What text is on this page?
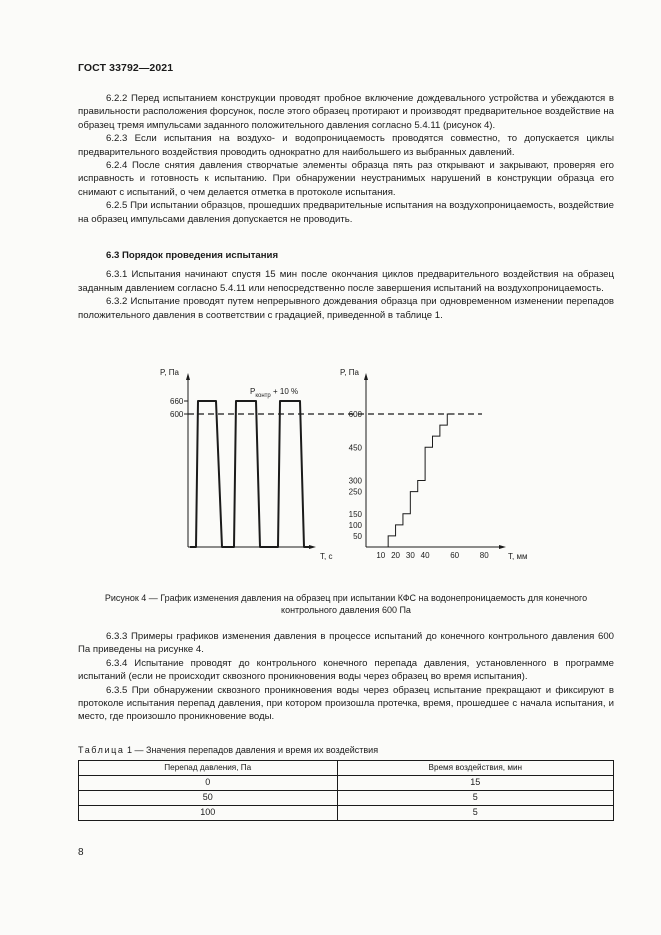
ГОСТ 33792—2021

6.2.2 Перед испытанием конструкции проводят пробное включение дождевального устройства и убеждаются в правильности расположения форсунок, после этого образец протирают и производят предварительное воздействие на образец тремя импульсами заданного положительного давления согласно 5.4.11 (рисунок 4).

6.2.3 Если испытания на воздухо- и водопроницаемость проводятся совместно, то допускается циклы предварительного воздействия проводить однократно для наибольшего из выбранных давлений.

6.2.4 После снятия давления створчатые элементы образца пять раз открывают и закрывают, проверяя его исправность и готовность к испытанию. При обнаружении неустранимых нарушений в конструкции образца его снимают с испытаний, о чем делается отметка в протоколе испытания.

6.2.5 При испытании образцов, прошедших предварительные испытания на воздухопроницаемость, воздействие на образец импульсами давления допускается не проводить.

6.3 Порядок проведения испытания

6.3.1 Испытания начинают спустя 15 мин после окончания циклов предварительного воздействия на образец заданным давлением согласно 5.4.11 или непосредственно после завершения испытаний на воздухопроницаемость.

6.3.2 Испытание проводят путем непрерывного дождевания образца при одновременном изменении перепадов положительного давления в соответствии с градацией, приведенной в таблице 1.

P, Па
T, с
660
600
$P_{контр} + 10$ %
P, Па
T, мм
600
450
300
250
150
100
50
10 20 30 40	60	80
Рисунок 4 — График изменения давления на образец при испытании КФС на водонепроницаемость для конечного контрольного давления 600 Па

6.3.3 Примеры графиков изменения давления в процессе испытаний до конечного контрольного давления 600 Па приведены на рисунке 4.

6.3.4 Испытание проводят до контрольного конечного перепада давления, установленного в программе испытаний (если не происходит сквозного проникновения воды через образец во время испытания).

6.3.5 При обнаружении сквозного проникновения воды через образец испытание прекращают и фиксируют в протоколе испытания перепад давления, при котором произошла протечка, время, прошедшее с начала испытания, и место, где произошло проникновение воды.

Таблица 1 — Значения перепадов давления и время их воздействия
Перепад давления, Па	Время воздействия, мин
0	15
50	5
100	5
8
